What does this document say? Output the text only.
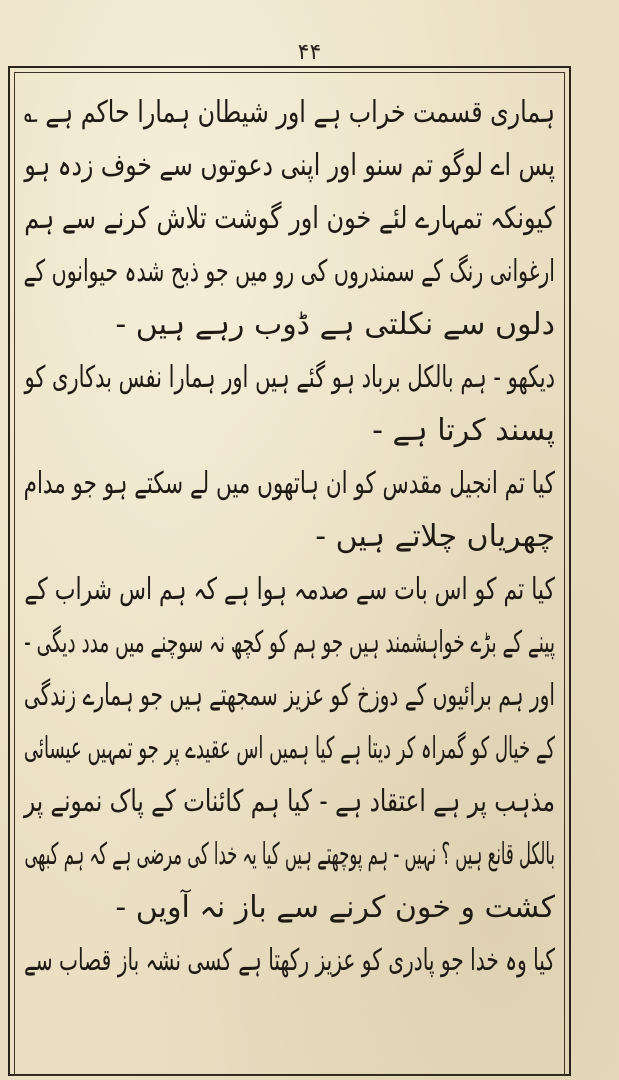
۴۴
ہماری قسمت خراب ہے اور شیطان ہمارا حاکم ہے ؎
پس اے لوگو تم سنو اور اپنی دعوتوں سے خوف زدہ ہو
کیونکہ تمہارے لئے خون اور گوشت تلاش کرنے سے ہم
ارغوانی رنگ کے سمندروں کی رو میں جو ذبح شدہ حیوانوں کے
دلوں سے نکلتی ہے ڈوب رہے ہیں -
دیکھو - ہم بالکل برباد ہو گئے ہیں اور ہمارا نفس بدکاری کو
پسند کرتا ہے -
کیا تم انجیل مقدس کو ان ہاتھوں میں لے سکتے ہو جو مدام
چھریاں چلاتے ہیں -
کیا تم کو اس بات سے صدمہ ہوا ہے کہ ہم اس شراب کے
پینے کے بڑے خواہشمند ہیں جو ہم کو کچھ نہ سوچنے میں مدد دیگی -
اور ہم برائیوں کے دوزخ کو عزیز سمجھتے ہیں جو ہمارے زندگی
کے خیال کو گمراہ کر دیتا ہے کیا ہمیں اس عقیدے پر جو تمہیں عیسائی
مذہب پر ہے اعتقاد ہے - کیا ہم کائنات کے پاک نمونے پر
بالکل قانع ہیں ؟ نہیں - ہم پوچھتے ہیں کیا یہ خدا کی مرضی ہے کہ ہم کبھی
کشت و خون کرنے سے باز نہ آویں -
کیا وہ خدا جو پادری کو عزیز رکھتا ہے کسی نشہ باز قصاب سے
